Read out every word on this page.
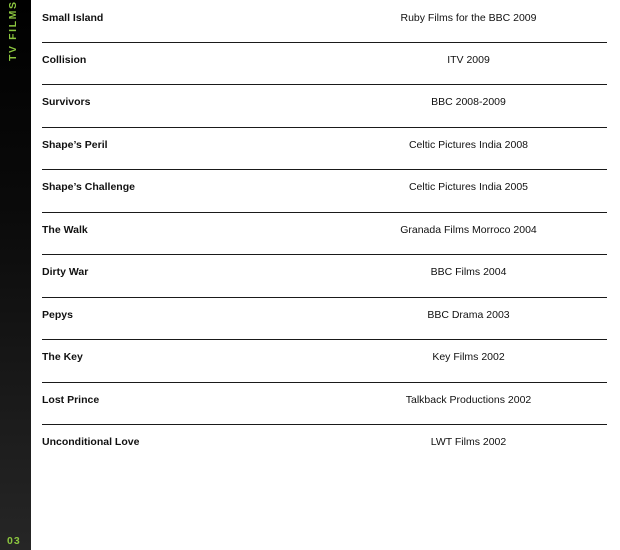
TV FILMS
03
Small Island	Ruby Films for the BBC 2009
Collision	ITV 2009
Survivors	BBC 2008-2009
Shape’s Peril	Celtic Pictures India 2008
Shape’s Challenge	Celtic Pictures India 2005
The Walk	Granada Films Morroco 2004
Dirty War	BBC Films 2004
Pepys	BBC Drama 2003
The Key	Key Films 2002
Lost Prince	Talkback Productions 2002
Unconditional Love	LWT Films 2002
